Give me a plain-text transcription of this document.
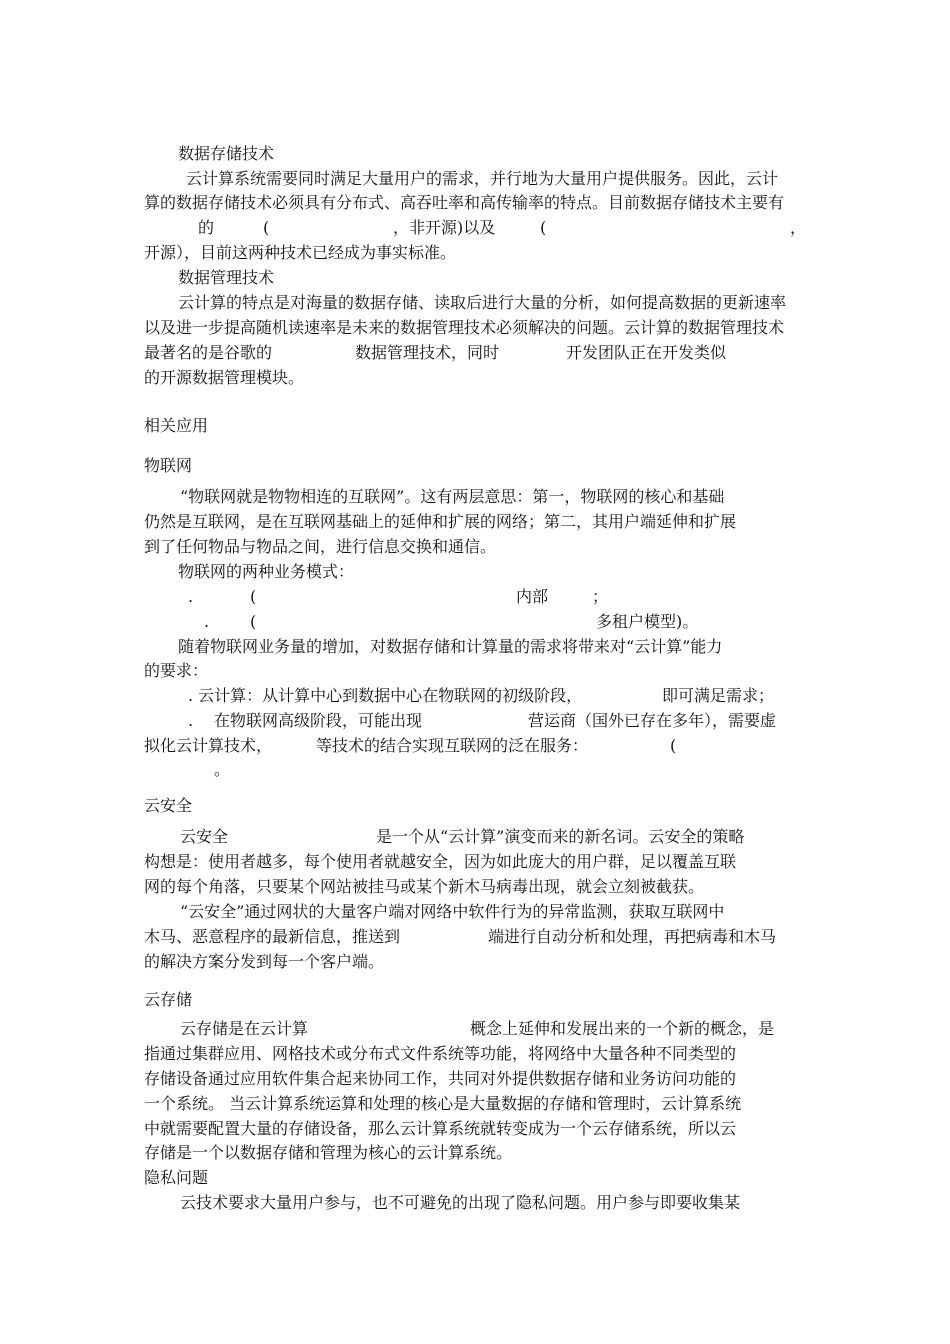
数据存储技术
云计算系统需要同时满足大量用户的需求，并行地为大量用户提供服务。因此，云计
算的数据存储技术必须具有分布式、高吞吐率和高传输率的特点。目前数据存储技术主要有
的	(	，非开源)以及	(	，
开源），目前这两种技术已经成为事实标准。
数据管理技术
云计算的特点是对海量的数据存储、读取后进行大量的分析，如何提高数据的更新速率
以及进一步提高随机读速率是未来的数据管理技术必须解决的问题。云计算的数据管理技术
最著名的是谷歌的	数据管理技术，同时	开发团队正在开发类似
的开源数据管理模块。
相关应用
物联网
“物联网就是物物相连的互联网”。这有两层意思：第一，物联网的核心和基础
仍然是互联网，是在互联网基础上的延伸和扩展的网络；第二，其用户端延伸和扩展
到了任何物品与物品之间，进行信息交换和通信。
物联网的两种业务模式：
.	(	内部	；
.	(	多租户模型)。
随着物联网业务量的增加，对数据存储和计算量的需求将带来对“云计算”能力
的要求：
. 云计算：从计算中心到数据中心在物联网的初级阶段，	即可满足需求；
. 在物联网高级阶段，可能出现	营运商（国外已存在多年），需要虚
拟化云计算技术，	等技术的结合实现互联网的泛在服务：	(
。
云安全
云安全	是一个从“云计算”演变而来的新名词。云安全的策略
构想是：使用者越多，每个使用者就越安全，因为如此庞大的用户群，足以覆盖互联
网的每个角落，只要某个网站被挂马或某个新木马病毒出现，就会立刻被截获。
“云安全”通过网状的大量客户端对网络中软件行为的异常监测，获取互联网中
木马、恶意程序的最新信息，推送到	端进行自动分析和处理，再把病毒和木马
的解决方案分发到每一个客户端。
云存储
云存储是在云计算	概念上延伸和发展出来的一个新的概念，是
指通过集群应用、网格技术或分布式文件系统等功能，将网络中大量各种不同类型的
存储设备通过应用软件集合起来协同工作，共同对外提供数据存储和业务访问功能的
一个系统。 当云计算系统运算和处理的核心是大量数据的存储和管理时，云计算系统
中就需要配置大量的存储设备，那么云计算系统就转变成为一个云存储系统，所以云
存储是一个以数据存储和管理为核心的云计算系统。
隐私问题
云技术要求大量用户参与，也不可避免的出现了隐私问题。用户参与即要收集某
